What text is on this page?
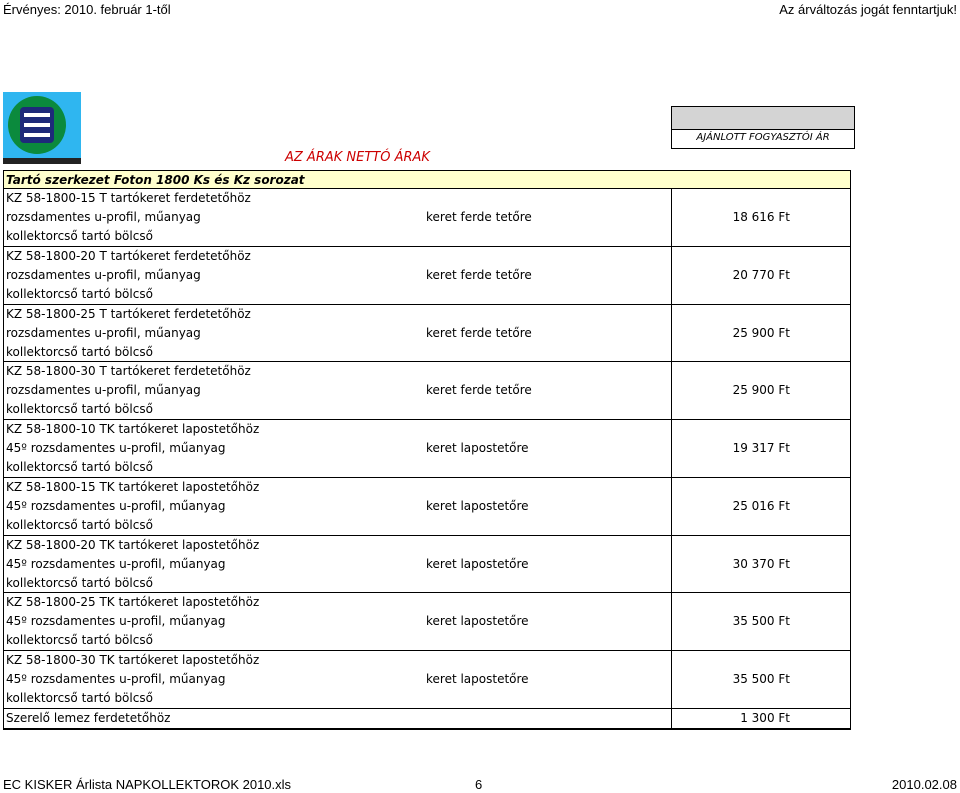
Érvényes: 2010. február 1-től	Az árváltozás jogát fenntartjuk!
AZ ÁRAK NETTÓ ÁRAK
AJÁNLOTT FOGYASZTÓI ÁR
Tartó szerkezet Foton 1800 Ks és Kz sorozat
KZ 58-1800-15 T tartókeret ferdetetőhöz
rozsdamentes u-profil, műanyag
kollektorcső tartó bölcső
keret ferde tetőre	18 616 Ft
KZ 58-1800-20 T tartókeret ferdetetőhöz
rozsdamentes u-profil, műanyag
kollektorcső tartó bölcső
keret ferde tetőre	20 770 Ft
KZ 58-1800-25 T tartókeret ferdetetőhöz
rozsdamentes u-profil, műanyag
kollektorcső tartó bölcső
keret ferde tetőre	25 900 Ft
KZ 58-1800-30 T tartókeret ferdetetőhöz
rozsdamentes u-profil, műanyag
kollektorcső tartó bölcső
keret ferde tetőre	25 900 Ft
KZ 58-1800-10 TK tartókeret lapostetőhöz
45º rozsdamentes u-profil, műanyag
kollektorcső tartó bölcső
keret lapostetőre	19 317 Ft
KZ 58-1800-15 TK tartókeret lapostetőhöz
45º rozsdamentes u-profil, műanyag
kollektorcső tartó bölcső
keret lapostetőre	25 016 Ft
KZ 58-1800-20 TK tartókeret lapostetőhöz
45º rozsdamentes u-profil, műanyag
kollektorcső tartó bölcső
keret lapostetőre	30 370 Ft
KZ 58-1800-25 TK tartókeret lapostetőhöz
45º rozsdamentes u-profil, műanyag
kollektorcső tartó bölcső
keret lapostetőre	35 500 Ft
KZ 58-1800-30 TK tartókeret lapostetőhöz
45º rozsdamentes u-profil, műanyag
kollektorcső tartó bölcső
keret lapostetőre	35 500 Ft
Szerelő lemez ferdetetőhöz	1 300 Ft
EC KISKER Árlista NAPKOLLEKTOROK 2010.xls	6	2010.02.08
